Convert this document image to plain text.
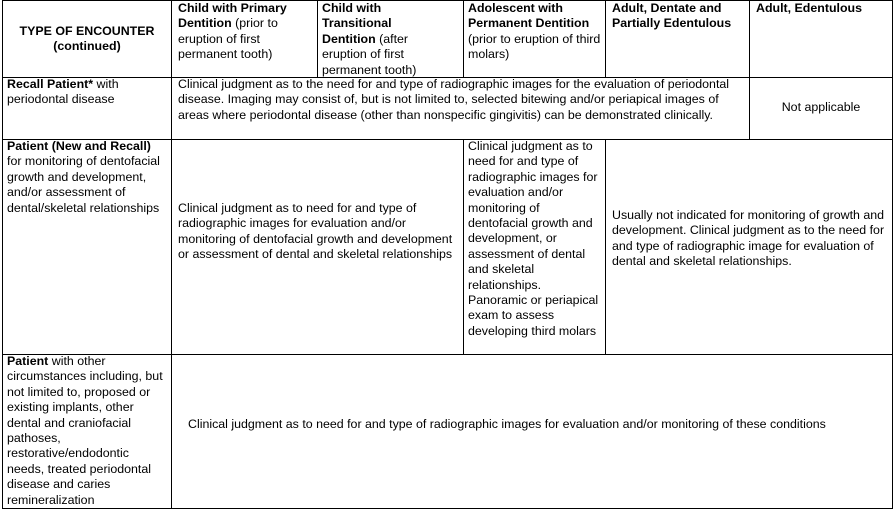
TYPE OF ENCOUNTER
(continued)
Child with Primary Dentition (prior to eruption of first permanent tooth)
Child with Transitional Dentition (after eruption of first permanent tooth)
Adolescent with Permanent Dentition (prior to eruption of third molars)
Adult, Dentate and Partially Edentulous
Adult, Edentulous
Recall Patient* with periodontal disease
Clinical judgment as to the need for and type of radiographic images for the evaluation of periodontal disease. Imaging may consist of, but is not limited to, selected bitewing and/or periapical images of areas where periodontal disease (other than nonspecific gingivitis) can be demonstrated clinically.
Not applicable
Patient (New and Recall) for monitoring of dentofacial growth and development, and/or assessment of dental/skeletal relationships	Clinical judgment as to need for and type of radiographic images for evaluation and/or monitoring of dentofacial growth and development or assessment of dental and skeletal relationships
Clinical judgment as to need for and type of radiographic images for evaluation and/or monitoring of dentofacial growth and development, or assessment of dental and skeletal relationships. Panoramic or periapical exam to assess developing third molars
Usually not indicated for monitoring of growth and development. Clinical judgment as to the need for and type of radiographic image for evaluation of dental and skeletal relationships.
Patient with other circumstances including, but not limited to, proposed or existing implants, other dental and craniofacial pathoses, restorative/endodontic needs, treated periodontal disease and caries remineralization
Clinical judgment as to need for and type of radiographic images for evaluation and/or monitoring of these conditions
